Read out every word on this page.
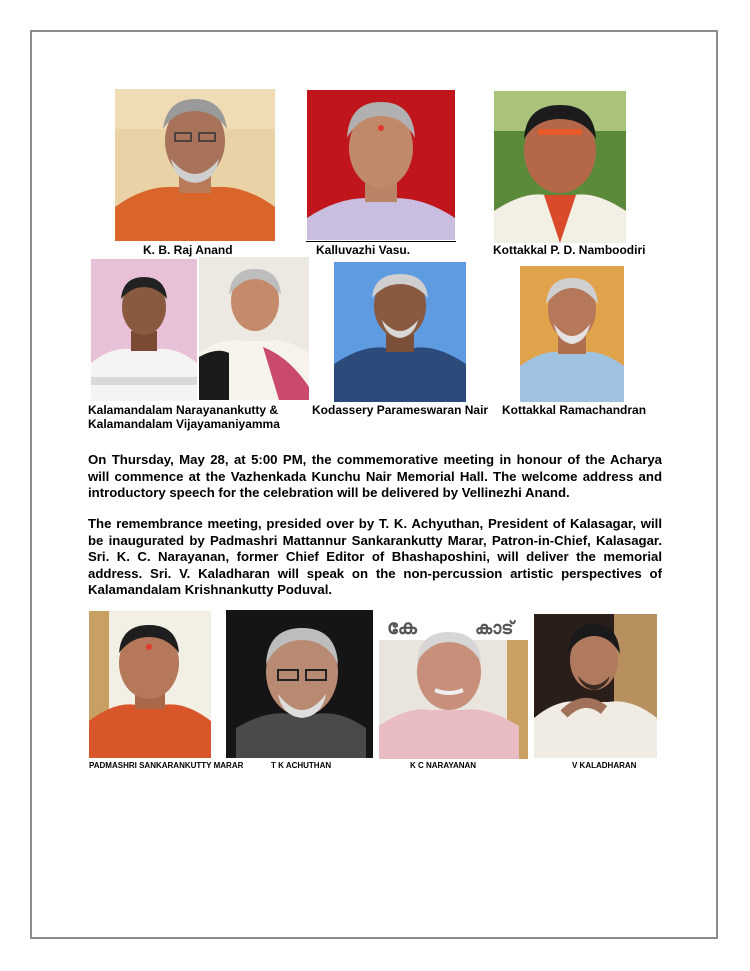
K. B. Raj Anand	Kalluvazhi Vasu.	Kottakkal P. D. Namboodiri
Kalamandalam Narayanankutty &
Kalamandalam Vijayamaniyamma
Kodassery Parameswaran Nair Kottakkal Ramachandran
On Thursday, May 28, at 5:00 PM, the commemorative meeting in honour of the Acharya will commence at the Vazhenkada Kunchu Nair Memorial Hall. The welcome address and introductory speech for the celebration will be delivered by Vellinezhi Anand.
The remembrance meeting, presided over by T. K. Achyuthan, President of Kalasagar, will be inaugurated by Padmashri Mattannur Sankarankutty Marar, Patron-in-Chief, Kalasagar. Sri. K. C. Narayanan, former Chief Editor of Bhashaposhini, will deliver the memorial address. Sri. V. Kaladharan will speak on the non-percussion artistic perspectives of Kalamandalam Krishnankutty Poduval.
കേ	കാട്
PADMASHRI SANKARANKUTTY MARAR	T K ACHUTHAN	K C NARAYANAN	V KALADHARAN
